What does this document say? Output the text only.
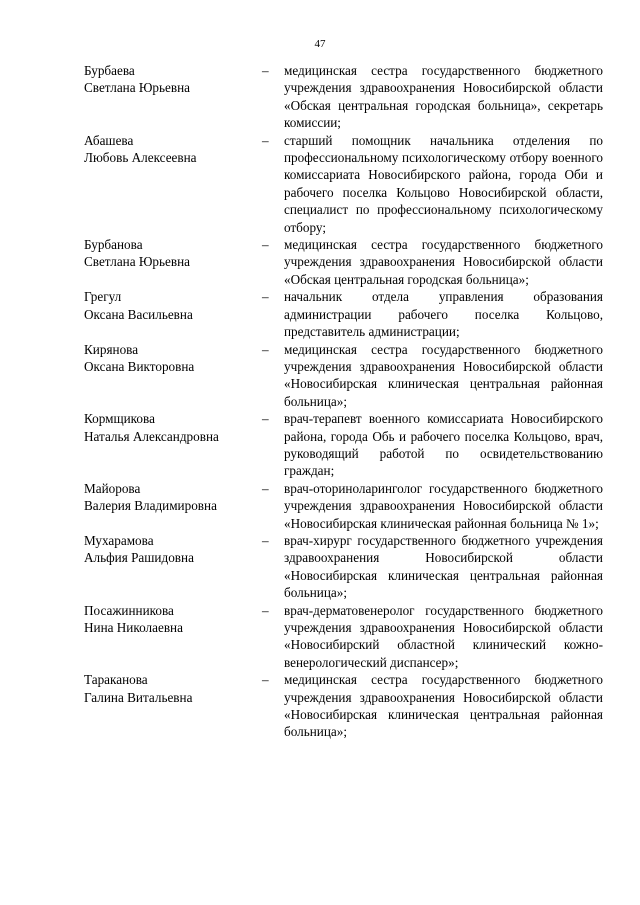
47
Бурбаева
Светлана Юрьевна
–	медицинская сестра государственного бюджетного учреждения здравоохранения Новосибирской области «Обская центральная городская больница», секретарь комиссии;
Абашева
Любовь Алексеевна
–	старший помощник начальника отделения по профессиональному психологическому отбору военного комиссариата Новосибирского района, города Оби и рабочего поселка Кольцово Новосибирской области, специалист по профессиональному психологическому отбору;
Бурбанова
Светлана Юрьевна
–	медицинская сестра государственного бюджетного учреждения здравоохранения Новосибирской области «Обская центральная городская больница»;
Грегул
Оксана Васильевна
–	начальник отдела управления образования администрации рабочего поселка Кольцово, представитель администрации;
Кирянова
Оксана Викторовна
–	медицинская сестра государственного бюджетного учреждения здравоохранения Новосибирской области «Новосибирская клиническая центральная районная больница»;
Кормщикова
Наталья Александровна
–	врач-терапевт военного комиссариата Новосибирского района, города Обь и рабочего поселка Кольцово, врач, руководящий работой по освидетельствованию граждан;
Майорова
Валерия Владимировна
–	врач-оториноларинголог государственного бюджетного учреждения здравоохранения Новосибирской области «Новосибирская клиническая районная больница № 1»;
Мухарамова
Альфия Рашидовна
–	врач-хирург государственного бюджетного учреждения здравоохранения Новосибирской области «Новосибирская клиническая центральная районная больница»;
Посажинникова
Нина Николаевна
–	врач-дерматовенеролог государственного бюджетного учреждения здравоохранения Новосибирской области «Новосибирский областной клинический кожно-венерологический диспансер»;
Тараканова
Галина Витальевна
–	медицинская сестра государственного бюджетного учреждения здравоохранения Новосибирской области «Новосибирская клиническая центральная районная больница»;
